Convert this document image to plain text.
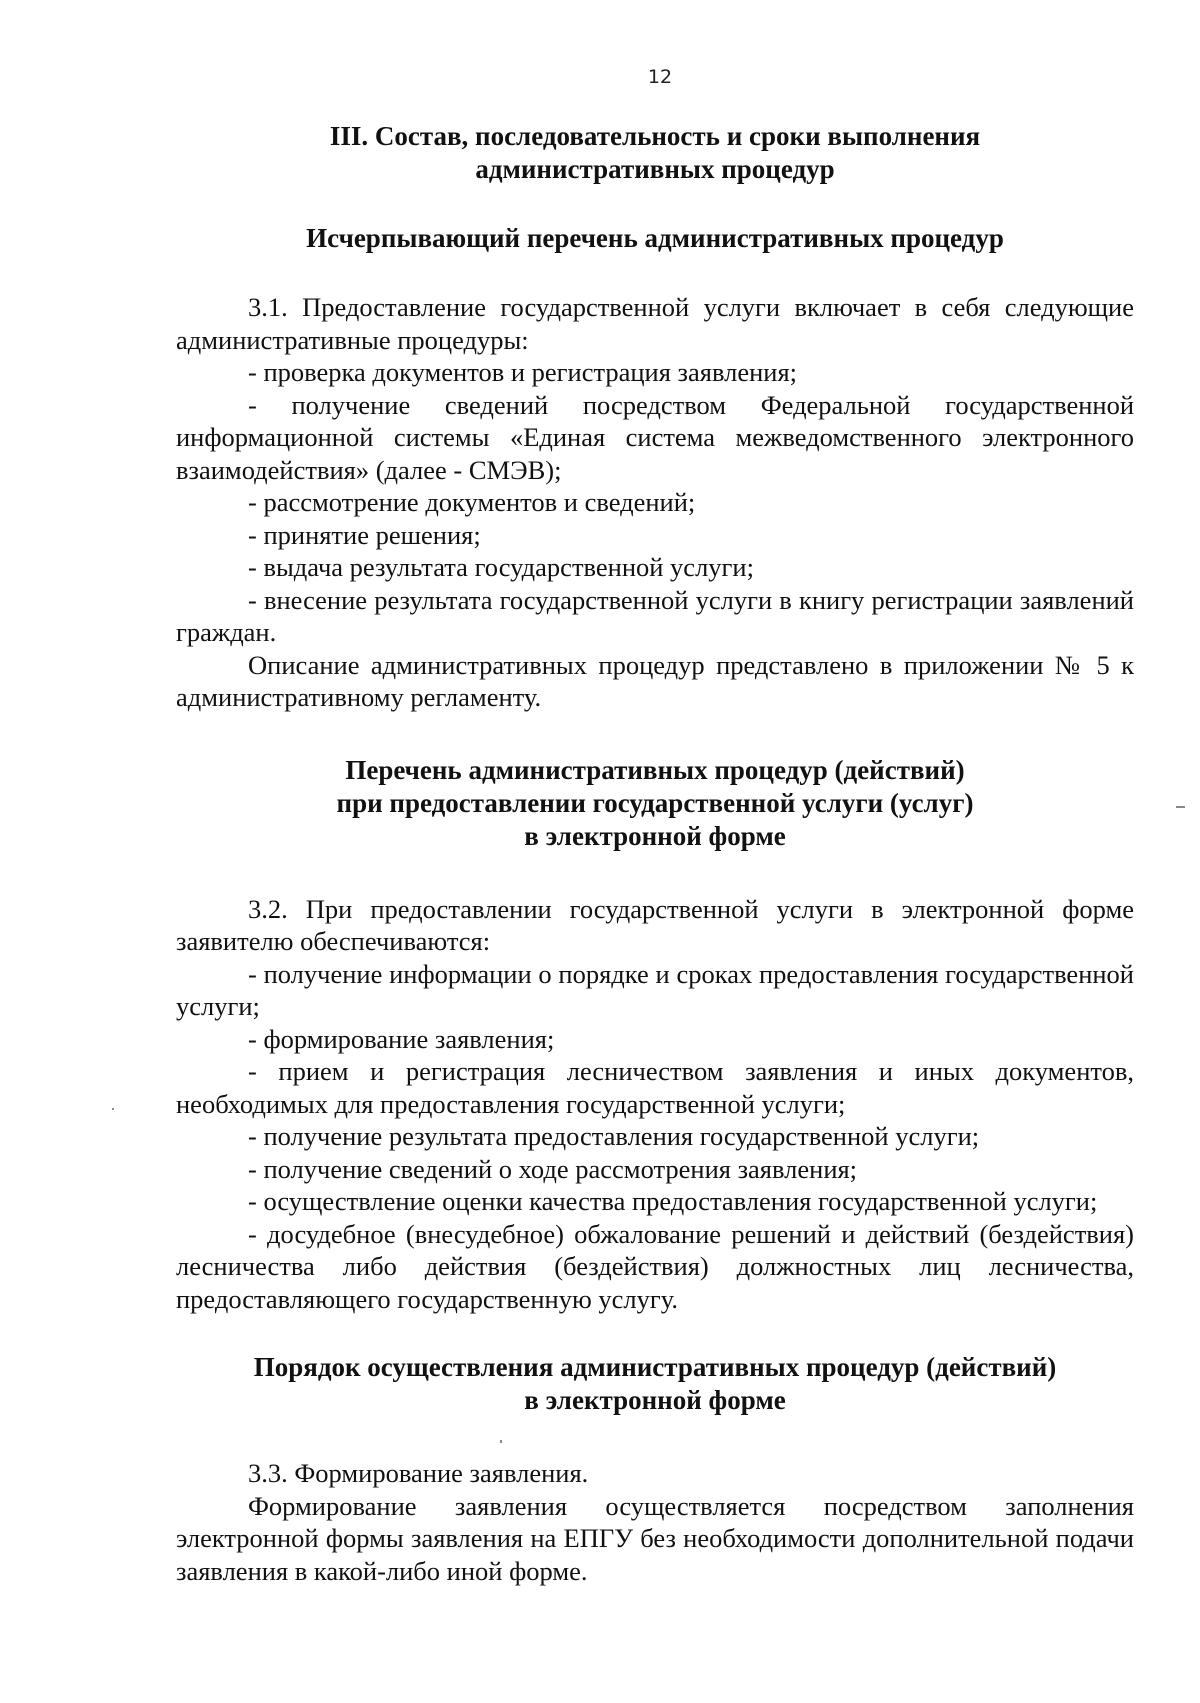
12
III. Состав, последовательность и сроки выполнения
административных процедур
Исчерпывающий перечень административных процедур

3.1. Предоставление государственной услуги включает в себя следующие административные процедуры:

- проверка документов и регистрация заявления;

- получение сведений посредством Федеральной государственной информационной системы «Единая система межведомственного электронного взаимодействия» (далее - СМЭВ);

- рассмотрение документов и сведений;

- принятие решения;

- выдача результата государственной услуги;

- внесение результата государственной услуги в книгу регистрации заявлений граждан.

Описание административных процедур представлено в приложении № 5 к административному регламенту.

Перечень административных процедур (действий)
при предоставлении государственной услуги (услуг)
в электронной форме

3.2. При предоставлении государственной услуги в электронной форме заявителю обеспечиваются:

- получение информации о порядке и сроках предоставления государственной услуги;

- формирование заявления;

- прием и регистрация лесничеством заявления и иных документов, необходимых для предоставления государственной услуги;

- получение результата предоставления государственной услуги;

- получение сведений о ходе рассмотрения заявления;

- осуществление оценки качества предоставления государственной услуги;

- досудебное (внесудебное) обжалование решений и действий (бездействия) лесничества либо действия (бездействия) должностных лиц лесничества, предоставляющего государственную услугу.

Порядок осуществления административных процедур (действий)
в электронной форме

3.3. Формирование заявления.

Формирование заявления осуществляется посредством заполнения электронной формы заявления на ЕПГУ без необходимости дополнительной подачи заявления в какой-либо иной форме.
